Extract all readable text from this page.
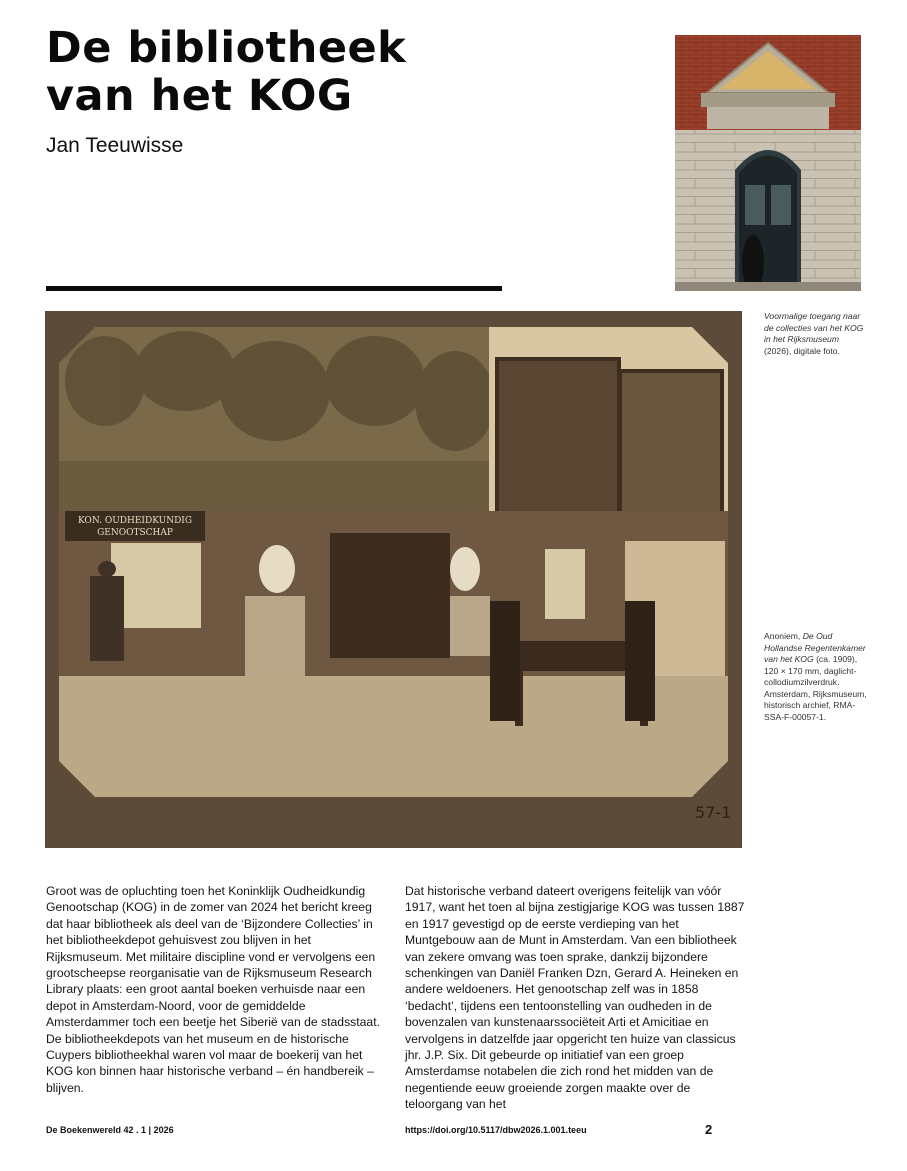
De bibliotheek
van het KOG
Jan Teeuwisse
KON. OUDHEIDKUNDIG
GENOOTSCHAP
57-1
Voormalige toegang naar de collecties van het KOG in het Rijksmuseum (2026), digitale foto.
Anoniem, De Oud Hollandse Regentenkamer van het KOG (ca. 1909), 120 × 170 mm, daglicht-collodiumzilverdruk. Amsterdam, Rijksmuseum, historisch archief, RMA-SSA-F-00057-1.

Groot was de opluchting toen het Koninklijk Oudheidkundig Genootschap (KOG) in de zomer van 2024 het bericht kreeg dat haar bibliotheek als deel van de ‘Bijzondere Collecties’ in het bibliotheekdepot gehuisvest zou blijven in het Rijksmuseum. Met militaire discipline vond er vervolgens een grootscheepse reorganisatie van de Rijksmuseum Research Library plaats: een groot aantal boeken verhuisde naar een depot in Amsterdam-Noord, voor de gemiddelde Amsterdammer toch een beetje het Siberië van de stadsstaat. De bibliotheekdepots van het museum en de historische Cuypers bibliotheekhal waren vol maar de boekerij van het KOG kon binnen haar historische verband – én handbereik – blijven.

Dat historische verband dateert overigens feitelijk van vóór 1917, want het toen al bijna zestigjarige KOG was tussen 1887 en 1917 gevestigd op de eerste verdieping van het Muntgebouw aan de Munt in Amsterdam. Van een bibliotheek van zekere omvang was toen sprake, dankzij bijzondere schenkingen van Daniël Franken Dzn, Gerard A. Heineken en andere weldoeners. Het genootschap zelf was in 1858 ‘bedacht’, tijdens een tentoonstelling van oudheden in de bovenzalen van kunstenaarssociëteit Arti et Amicitiae en vervolgens in datzelfde jaar opgericht ten huize van classicus jhr. J.P. Six. Dit gebeurde op initiatief van een groep Amsterdamse notabelen die zich rond het midden van de negentiende eeuw groeiende zorgen maakte over de teloorgang van het

De Boekenwereld 42 . 1 | 2026	https://doi.org/10.5117/dbw2026.1.001.teeu	2
